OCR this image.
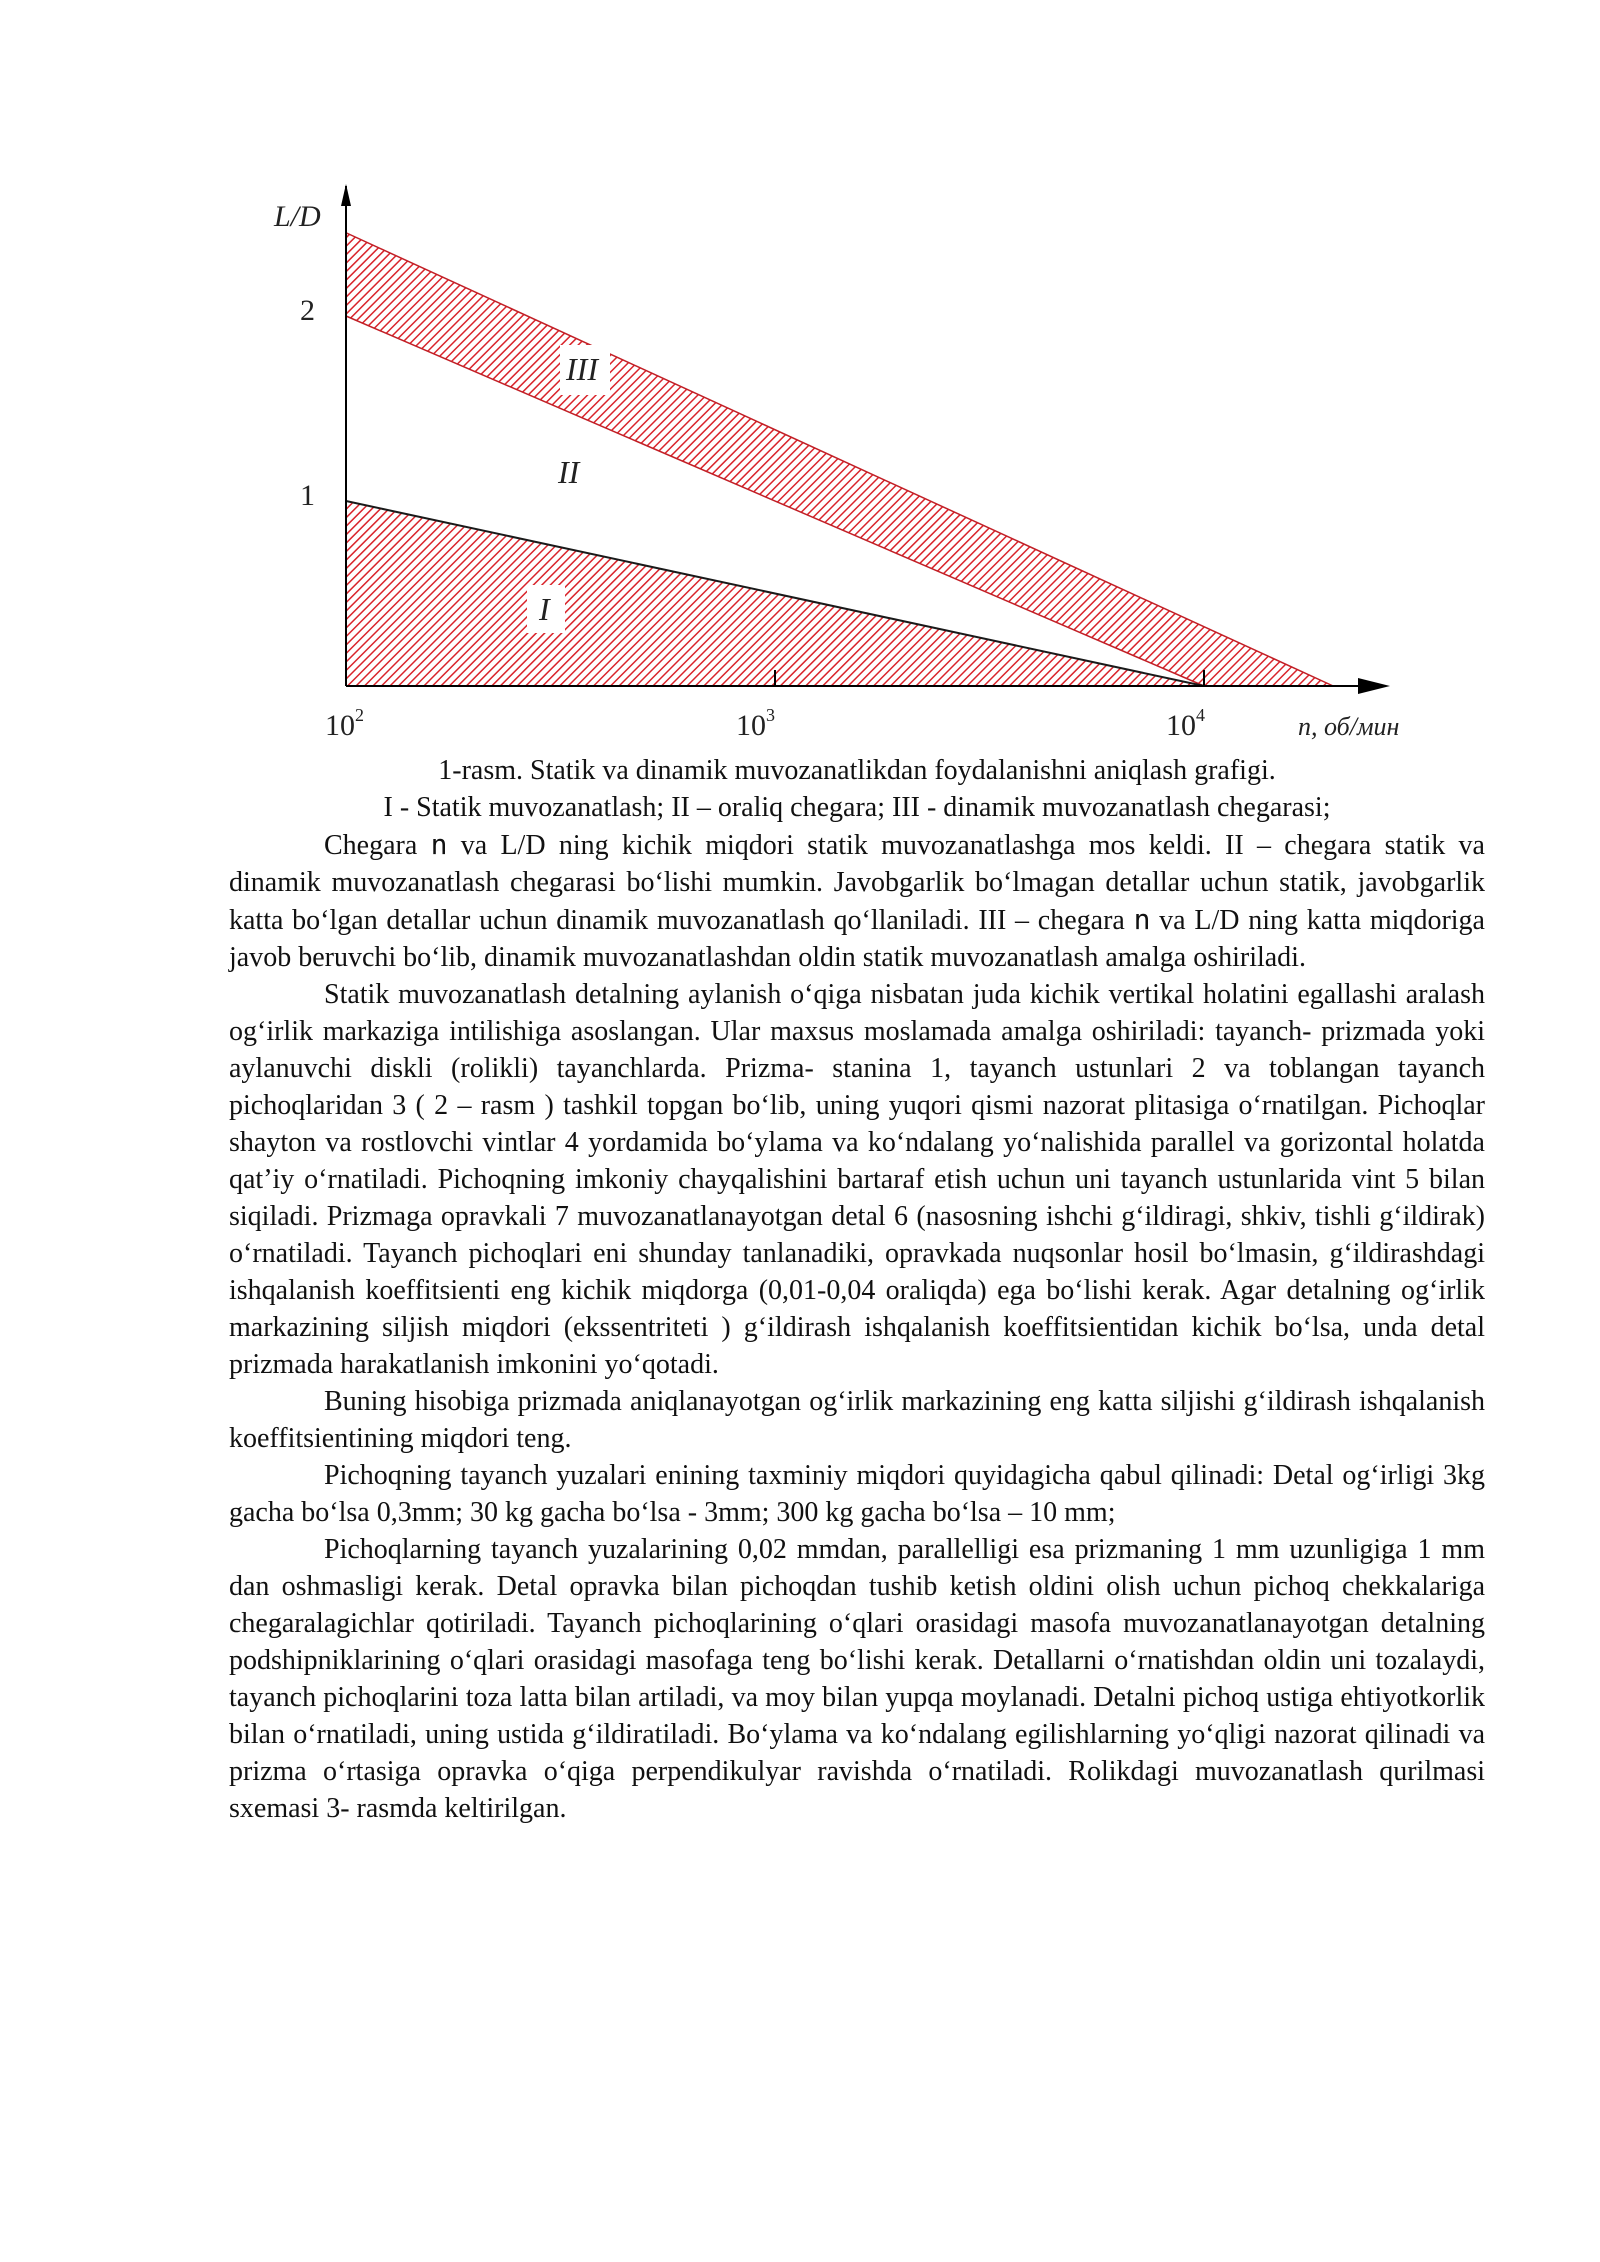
L/D
2
1
$10^2$	$10^3$	$10^4$	n, об/мин
III
II
I
1-rasm. Statik va dinamik muvozanatlikdan foydalanishni aniqlash grafigi.
I - Statik muvozanatlash; II – oraliq chegara; III - dinamik muvozanatlash chegarasi;

Chegara n va L/D ning kichik miqdori statik muvozanatlashga mos keldi. II – chegara statik va dinamik muvozanatlash chegarasi bo‘lishi mumkin. Javobgarlik bo‘lmagan detallar uchun statik, javobgarlik katta bo‘lgan detallar uchun dinamik muvozanatlash qo‘llaniladi. III – chegara n va L/D ning katta miqdoriga javob beruvchi bo‘lib, dinamik muvozanatlashdan oldin statik muvozanatlash amalga oshiriladi.

Statik muvozanatlash detalning aylanish o‘qiga nisbatan juda kichik vertikal holatini egallashi aralash og‘irlik markaziga intilishiga asoslangan. Ular maxsus moslamada amalga oshiriladi: tayanch- prizmada yoki aylanuvchi diskli (rolikli) tayanchlarda. Prizma- stanina 1, tayanch ustunlari 2 va toblangan tayanch pichoqlaridan 3 ( 2 – rasm ) tashkil topgan bo‘lib, uning yuqori qismi nazorat plitasiga o‘rnatilgan. Pichoqlar shayton va rostlovchi vintlar 4 yordamida bo‘ylama va ko‘ndalang yo‘nalishida parallel va gorizontal holatda qat’iy o‘rnatiladi. Pichoqning imkoniy chayqalishini bartaraf etish uchun uni tayanch ustunlarida vint 5 bilan siqiladi. Prizmaga opravkali 7 muvozanatlanayotgan detal 6 (nasosning ishchi g‘ildiragi, shkiv, tishli g‘ildirak) o‘rnatiladi. Tayanch pichoqlari eni shunday tanlanadiki, opravkada nuqsonlar hosil bo‘lmasin, g‘ildirashdagi ishqalanish koeffitsienti eng kichik miqdorga (0,01-0,04 oraliqda) ega bo‘lishi kerak. Agar detalning og‘irlik markazining siljish miqdori (ekssentriteti ) g‘ildirash ishqalanish koeffitsientidan kichik bo‘lsa, unda detal prizmada harakatlanish imkonini yo‘qotadi.

Buning hisobiga prizmada aniqlanayotgan og‘irlik markazining eng katta siljishi g‘ildirash ishqalanish koeffitsientining miqdori teng.

Pichoqning tayanch yuzalari enining taxminiy miqdori quyidagicha qabul qilinadi: Detal og‘irligi 3kg gacha bo‘lsa 0,3mm; 30 kg gacha bo‘lsa - 3mm; 300 kg gacha bo‘lsa – 10 mm;

Pichoqlarning tayanch yuzalarining 0,02 mmdan, parallelligi esa prizmaning 1 mm uzunligiga 1 mm dan oshmasligi kerak. Detal opravka bilan pichoqdan tushib ketish oldini olish uchun pichoq chekkalariga chegaralagichlar qotiriladi. Tayanch pichoqlarining o‘qlari orasidagi masofa muvozanatlanayotgan detalning podshipniklarining o‘qlari orasidagi masofaga teng bo‘lishi kerak. Detallarni o‘rnatishdan oldin uni tozalaydi, tayanch pichoqlarini toza latta bilan artiladi, va moy bilan yupqa moylanadi. Detalni pichoq ustiga ehtiyotkorlik bilan o‘rnatiladi, uning ustida g‘ildiratiladi. Bo‘ylama va ko‘ndalang egilishlarning yo‘qligi nazorat qilinadi va prizma o‘rtasiga opravka o‘qiga perpendikulyar ravishda o‘rnatiladi. Rolikdagi muvozanatlash qurilmasi sxemasi 3- rasmda keltirilgan.
